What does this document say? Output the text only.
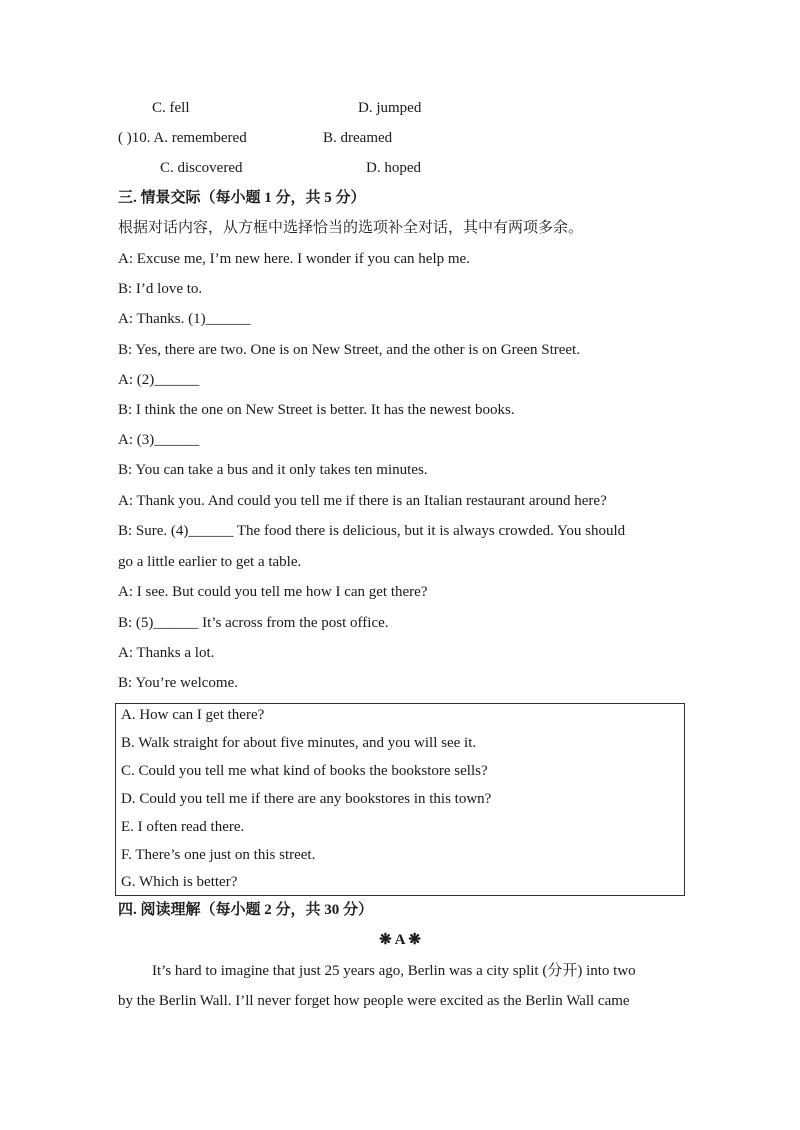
C. fell	D. jumped
( )10. A. remembered	B. dreamed
C. discovered	D. hoped
三. 情景交际（每小题 1 分，共 5 分）
根据对话内容，从方框中选择恰当的选项补全对话，其中有两项多余。
A: Excuse me, I’m new here. I wonder if you can help me.
B: I’d love to.
A: Thanks. (1)______
B: Yes, there are two. One is on New Street, and the other is on Green Street.
A: (2)______
B: I think the one on New Street is better. It has the newest books.
A: (3)______
B: You can take a bus and it only takes ten minutes.
A: Thank you. And could you tell me if there is an Italian restaurant around here?
B: Sure. (4)______ The food there is delicious, but it is always crowded. You should
go a little earlier to get a table.
A: I see. But could you tell me how I can get there?
B: (5)______ It’s across from the post office.
A: Thanks a lot.
B: You’re welcome.
A. How can I get there?
B. Walk straight for about five minutes, and you will see it.
C. Could you tell me what kind of books the bookstore sells?
D. Could you tell me if there are any bookstores in this town?
E. I often read there.
F. There’s one just on this street.
G. Which is better?
四. 阅读理解（每小题 2 分，共 30 分）
❋ A ❋
It’s hard to imagine that just 25 years ago, Berlin was a city split (分开) into two
by the Berlin Wall. I’ll never forget how people were excited as the Berlin Wall came
